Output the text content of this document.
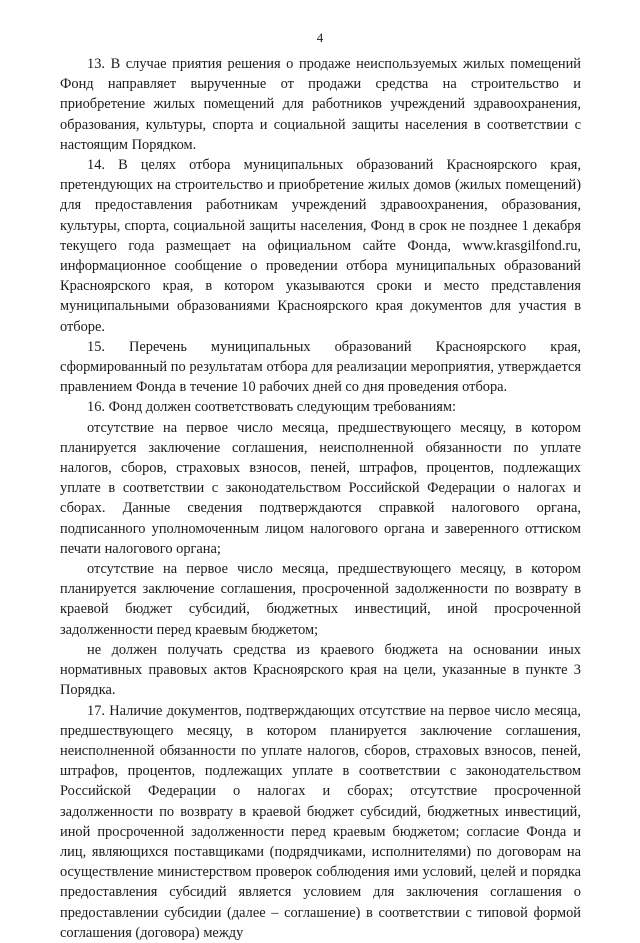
4

13. В случае приятия решения о продаже неиспользуемых жилых помещений Фонд направляет вырученные от продажи средства на строительство и приобретение жилых помещений для работников учреждений здравоохранения, образования, культуры, спорта и социальной защиты населения в соответствии с настоящим Порядком.

14. В целях отбора муниципальных образований Красноярского края, претендующих на строительство и приобретение жилых домов (жилых помещений) для предоставления работникам учреждений здравоохранения, образования, культуры, спорта, социальной защиты населения, Фонд в срок не позднее 1 декабря текущего года размещает на официальном сайте Фонда, www.krasgilfond.ru, информационное сообщение о проведении отбора муниципальных образований Красноярского края, в котором указываются сроки и место представления муниципальными образованиями Красноярского края документов для участия в отборе.

15. Перечень муниципальных образований Красноярского края, сформированный по результатам отбора для реализации мероприятия, утверждается правлением Фонда в течение 10 рабочих дней со дня проведения отбора.

16. Фонд должен соответствовать следующим требованиям:

отсутствие на первое число месяца, предшествующего месяцу, в котором планируется заключение соглашения, неисполненной обязанности по уплате налогов, сборов, страховых взносов, пеней, штрафов, процентов, подлежащих уплате в соответствии с законодательством Российской Федерации о налогах и сборах. Данные сведения подтверждаются справкой налогового органа, подписанного уполномоченным лицом налогового органа и заверенного оттиском печати налогового органа;

отсутствие на первое число месяца, предшествующего месяцу, в котором планируется заключение соглашения, просроченной задолженности по возврату в краевой бюджет субсидий, бюджетных инвестиций, иной просроченной задолженности перед краевым бюджетом;

не должен получать средства из краевого бюджета на основании иных нормативных правовых актов Красноярского края на цели, указанные в пункте 3 Порядка.

17. Наличие документов, подтверждающих отсутствие на первое число месяца, предшествующего месяцу, в котором планируется заключение соглашения, неисполненной обязанности по уплате налогов, сборов, страховых взносов, пеней, штрафов, процентов, подлежащих уплате в соответствии с законодательством Российской Федерации о налогах и сборах; отсутствие просроченной задолженности по возврату в краевой бюджет субсидий, бюджетных инвестиций, иной просроченной задолженности перед краевым бюджетом; согласие Фонда и лиц, являющихся поставщиками (подрядчиками, исполнителями) по договорам на осуществление министерством проверок соблюдения ими условий, целей и порядка предоставления субсидий является условием для заключения соглашения о предоставлении субсидии (далее – соглашение) в соответствии с типовой формой соглашения (договора) между
